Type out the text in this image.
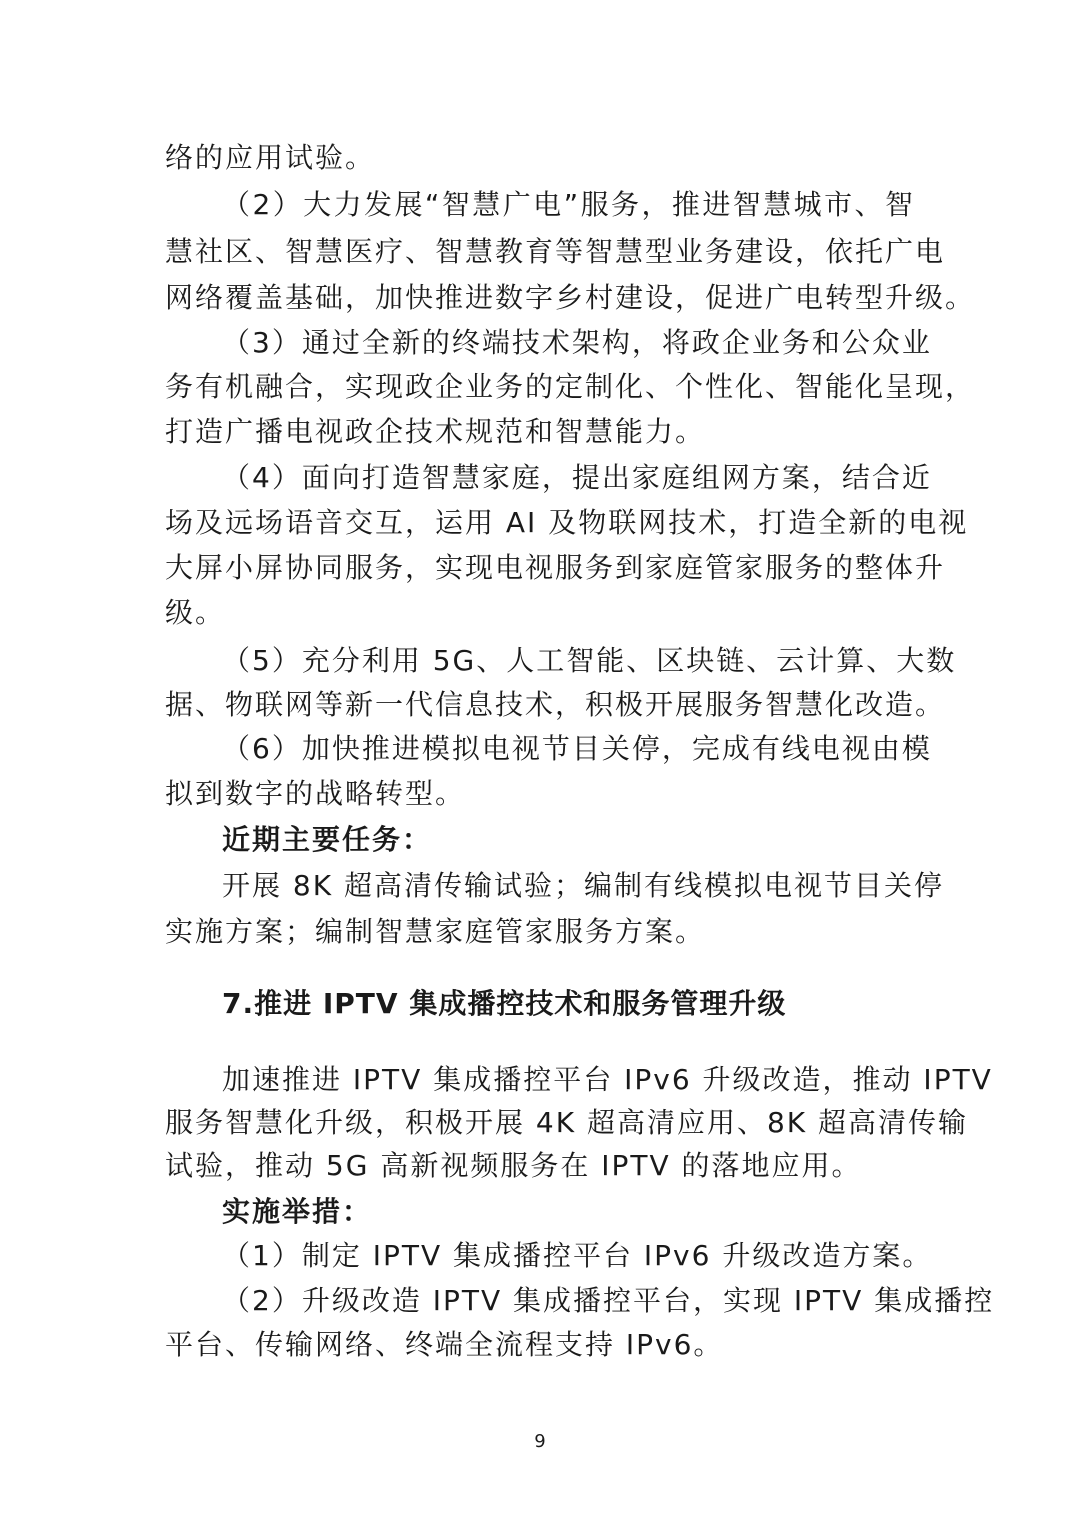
络的应用试验。
（2）大力发展“智慧广电”服务，推进智慧城市、智
慧社区、智慧医疗、智慧教育等智慧型业务建设，依托广电
网络覆盖基础，加快推进数字乡村建设，促进广电转型升级。
（3）通过全新的终端技术架构，将政企业务和公众业
务有机融合，实现政企业务的定制化、个性化、智能化呈现，
打造广播电视政企技术规范和智慧能力。
（4）面向打造智慧家庭，提出家庭组网方案，结合近
场及远场语音交互，运用 AI 及物联网技术，打造全新的电视
大屏小屏协同服务，实现电视服务到家庭管家服务的整体升
级。
（5）充分利用 5G、人工智能、区块链、云计算、大数
据、物联网等新一代信息技术，积极开展服务智慧化改造。
（6）加快推进模拟电视节目关停，完成有线电视由模
拟到数字的战略转型。
近期主要任务：
开展 8K 超高清传输试验；编制有线模拟电视节目关停
实施方案；编制智慧家庭管家服务方案。
7.推进 IPTV 集成播控技术和服务管理升级
加速推进 IPTV 集成播控平台 IPv6 升级改造，推动 IPTV
服务智慧化升级，积极开展 4K 超高清应用、8K 超高清传输
试验，推动 5G 高新视频服务在 IPTV 的落地应用。
实施举措：
（1）制定 IPTV 集成播控平台 IPv6 升级改造方案。
（2）升级改造 IPTV 集成播控平台，实现 IPTV 集成播控
平台、传输网络、终端全流程支持 IPv6。
9
